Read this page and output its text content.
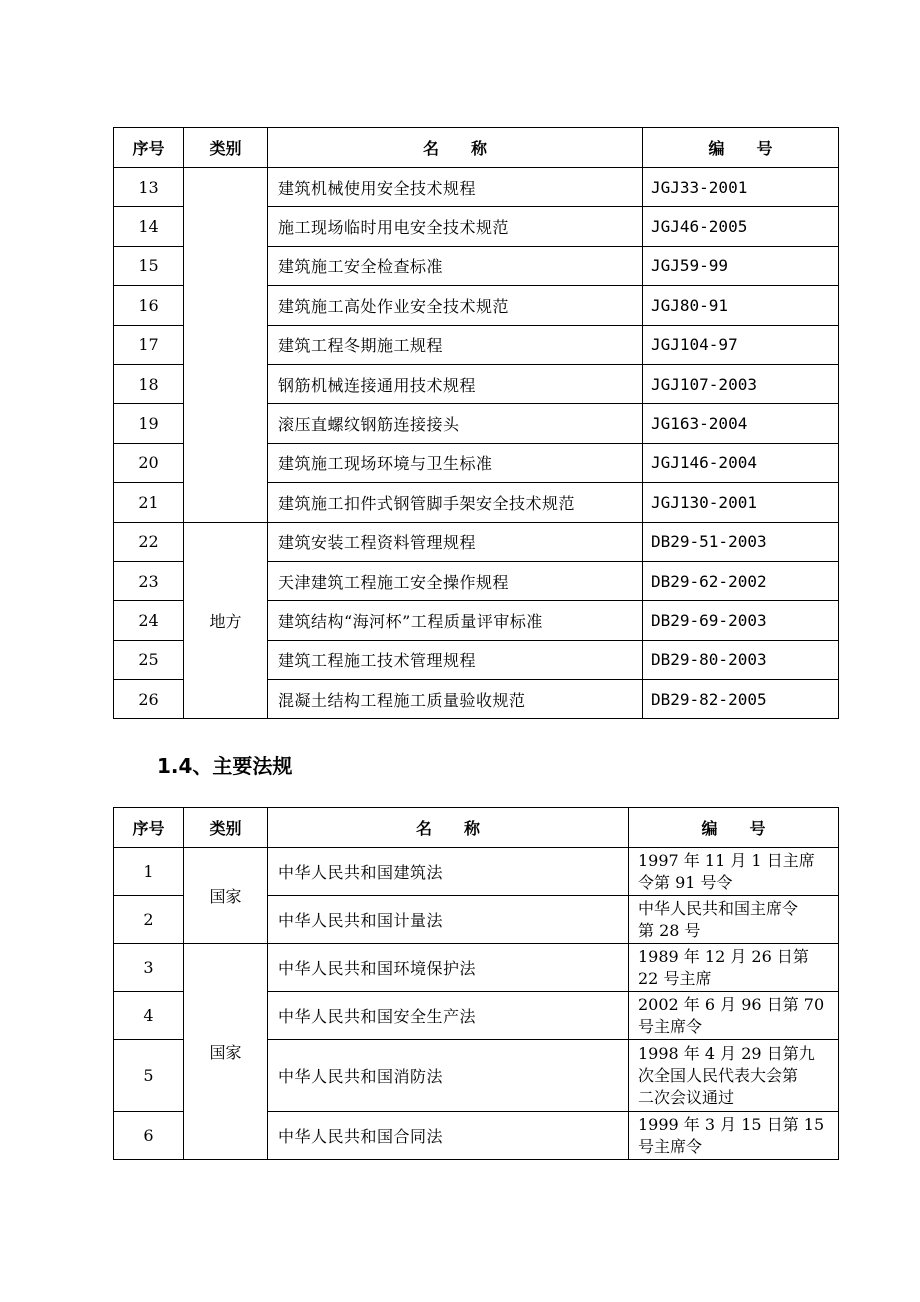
序号	类别	名　　称	编　　号
13		建筑机械使用安全技术规程	JGJ33-2001
14		施工现场临时用电安全技术规范	JGJ46-2005
15		建筑施工安全检查标准	JGJ59-99
16		建筑施工高处作业安全技术规范	JGJ80-91
17		建筑工程冬期施工规程	JGJ104-97
18		钢筋机械连接通用技术规程	JGJ107-2003
19		滚压直螺纹钢筋连接接头	JG163-2004
20		建筑施工现场环境与卫生标准	JGJ146-2004
21		建筑施工扣件式钢管脚手架安全技术规范	JGJ130-2001
22	地方	建筑安装工程资料管理规程	DB29-51-2003
23		天津建筑工程施工安全操作规程	DB29-62-2002
24		建筑结构“海河杯”工程质量评审标准	DB29-69-2003
25		建筑工程施工技术管理规程	DB29-80-2003
26		混凝土结构工程施工质量验收规范	DB29-82-2005
1.4、主要法规
序号	类别	名　　称	编　　号
1	国家	中华人民共和国建筑法	1997 年 11 月 1 日主席
令第 91 号令

2		中华人民共和国计量法	中华人民共和国主席令
第 28 号

3	国家	中华人民共和国环境保护法	1989 年 12 月 26 日第
22 号主席

4		中华人民共和国安全生产法	2002 年 6 月 96 日第 70
号主席令

5		中华人民共和国消防法	1998 年 4 月 29 日第九
次全国人民代表大会第
二次会议通过

6		中华人民共和国合同法	1999 年 3 月 15 日第 15
号主席令
